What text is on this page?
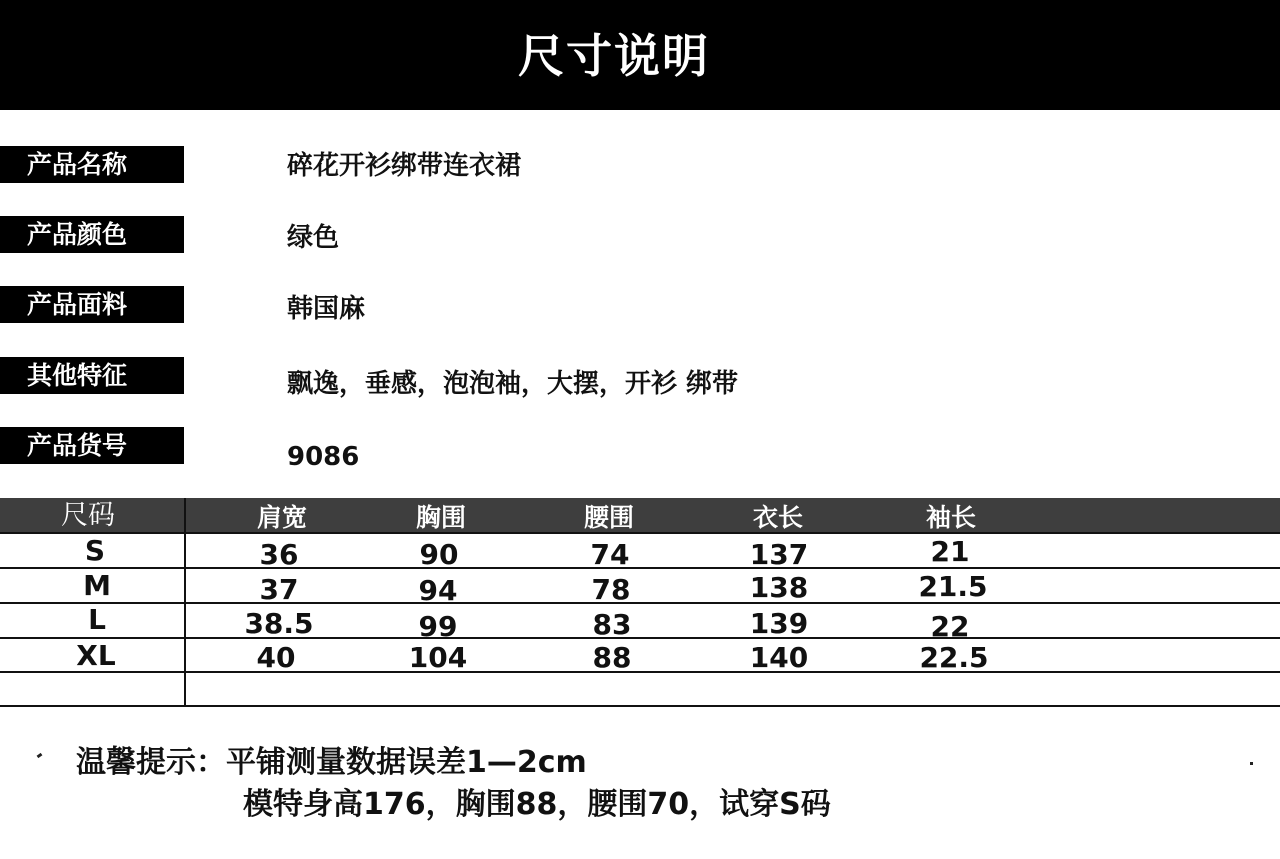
尺寸说明
产品名称	碎花开衫绑带连衣裙
产品颜色	绿色
产品面料	韩国麻
其他特征	飘逸，垂感，泡泡袖，大摆，开衫 绑带
产品货号	9086
尺码	肩宽	胸围	腰围	衣长	袖长
S	36	90	74	137	21
M	37	94	78	138	21.5
L	38.5	99	83	139	22
XL	40	104	88	140	22.5
温馨提示：平铺测量数据误差1—2cm
模特身高176，胸围88，腰围70，试穿S码
